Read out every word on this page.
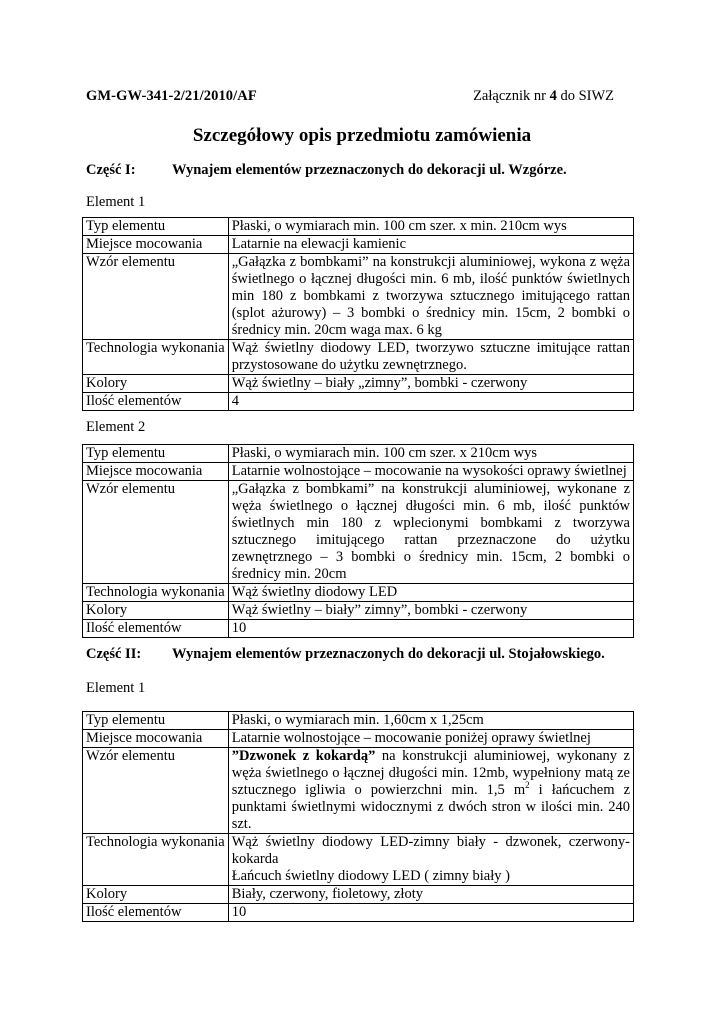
GM-GW-341-2/21/2010/AF	Załącznik nr 4 do SIWZ
Szczegółowy opis przedmiotu zamówienia
Część I:	Wynajem elementów przeznaczonych do dekoracji ul. Wzgórze.
Element 1
Typ elementu	Płaski, o wymiarach min. 100 cm szer. x min. 210cm wys
Miejsce mocowania	Latarnie na elewacji kamienic
Wzór elementu	„Gałązka z bombkami” na konstrukcji aluminiowej, wykona z węża świetlnego o łącznej długości min. 6 mb, ilość punktów świetlnych min 180 z bombkami z tworzywa sztucznego imitującego rattan (splot ażurowy) – 3 bombki o średnicy min. 15cm, 2 bombki o średnicy min. 20cm waga max. 6 kg
Technologia wykonania	Wąż świetlny diodowy LED, tworzywo sztuczne imitujące rattan przystosowane do użytku zewnętrznego.
Kolory	Wąż świetlny – biały „zimny”, bombki - czerwony
Ilość elementów	4
Element 2
Typ elementu	Płaski, o wymiarach min. 100 cm szer. x 210cm wys
Miejsce mocowania	Latarnie wolnostojące – mocowanie na wysokości oprawy świetlnej
Wzór elementu	„Gałązka z bombkami” na konstrukcji aluminiowej, wykonane z węża świetlnego o łącznej długości min. 6 mb, ilość punktów świetlnych min 180 z wplecionymi bombkami z tworzywa sztucznego imitującego rattan przeznaczone do użytku zewnętrznego – 3 bombki o średnicy min. 15cm, 2 bombki o średnicy min. 20cm
Technologia wykonania	Wąż świetlny diodowy LED
Kolory	Wąż świetlny – biały” zimny”, bombki - czerwony
Ilość elementów	10
Część II: Wynajem elementów przeznaczonych do dekoracji ul. Stojałowskiego.
Element 1
Typ elementu	Płaski, o wymiarach min. 1,60cm x 1,25cm
Miejsce mocowania	Latarnie wolnostojące – mocowanie poniżej oprawy świetlnej
Wzór elementu	”Dzwonek z kokardą” na konstrukcji aluminiowej, wykonany z węża świetlnego o łącznej długości min. 12mb, wypełniony matą ze sztucznego igliwia o powierzchni min. 1,5 $m^2$ i łańcuchem z punktami świetlnymi widocznymi z dwóch stron w ilości min. 240 szt.
Technologia wykonania	Wąż świetlny diodowy LED-zimny biały - dzwonek, czerwony-kokarda
Łańcuch świetlny diodowy LED ( zimny biały )

Kolory	Biały, czerwony, fioletowy, złoty
Ilość elementów	10
